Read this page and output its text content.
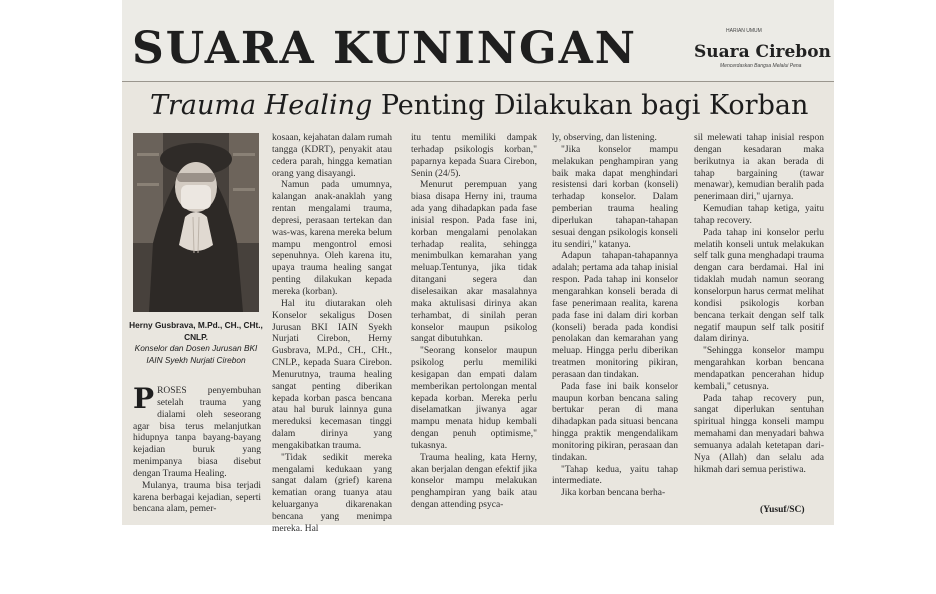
SUARA KUNINGAN	HARIAN UMUM
Suara Cirebon
Mencerdaskan Bangsa Melalui Pena
Trauma Healing Penting Dilakukan bagi Korban
Herny Gusbrava, M.Pd., CH., CHt., CNLP.
Konselor dan Dosen Jurusan BKI IAIN Syekh Nurjati Cirebon

PROSES penyembuhan setelah trauma yang dialami oleh seseorang agar bisa terus melanjutkan hidupnya tanpa bayang-bayang kejadian buruk yang menimpanya biasa disebut dengan Trauma Healing.

Mulanya, trauma bisa terjadi karena berbagai kejadian, seperti bencana alam, pemer-

kosaan, kejahatan dalam rumah tangga (KDRT), penyakit atau cedera parah, hingga kematian orang yang disayangi.

Namun pada umumnya, kalangan anak-anaklah yang rentan mengalami trauma, depresi, perasaan tertekan dan was-was, karena mereka belum mampu mengontrol emosi sepenuhnya. Oleh karena itu, upaya trauma healing sangat penting dilakukan kepada mereka (korban).

Hal itu diutarakan oleh Konselor sekaligus Dosen Jurusan BKI IAIN Syekh Nurjati Cirebon, Herny Gusbrava, M.Pd., CH., CHt., CNLP., kepada Suara Cirebon. Menurutnya, trauma healing sangat penting diberikan kepada korban pasca bencana atau hal buruk lainnya guna mereduksi kecemasan tinggi dalam dirinya yang mengakibatkan trauma.

"Tidak sedikit mereka mengalami kedukaan yang sangat dalam (grief) karena kematian orang tuanya atau keluarganya dikarenakan bencana yang menimpa mereka. Hal

itu tentu memiliki dampak terhadap psikologis korban," paparnya kepada Suara Cirebon, Senin (24/5).

Menurut perempuan yang biasa disapa Herny ini, trauma ada yang dihadapkan pada fase inisial respon. Pada fase ini, korban mengalami penolakan terhadap realita, sehingga menimbulkan kemarahan yang meluap.Tentunya, jika tidak ditangani segera dan diselesaikan akar masalahnya maka aktulisasi dirinya akan terhambat, di sinilah peran konselor maupun psikolog sangat dibutuhkan.

"Seorang konselor maupun psikolog perlu memiliki kesigapan dan empati dalam memberikan pertolongan mental kepada korban. Mereka perlu diselamatkan jiwanya agar mampu menata hidup kembali dengan penuh optimisme," tukasnya.

Trauma healing, kata Herny, akan berjalan dengan efektif jika konselor mampu melakukan penghampiran yang baik atau dengan attending psyca-

ly, observing, dan listening.

"Jika konselor mampu melakukan penghampiran yang baik maka dapat menghindari resistensi dari korban (konseli) terhadap konselor. Dalam pemberian trauma healing diperlukan tahapan-tahapan sesuai dengan psikologis konseli itu sendiri," katanya.

Adapun tahapan-tahapannya adalah; pertama ada tahap inisial respon. Pada tahap ini konselor mengarahkan konseli berada di fase penerimaan realita, karena pada fase ini dalam diri korban (konseli) berada pada kondisi penolakan dan kemarahan yang meluap. Hingga perlu diberikan treatmen monitoring pikiran, perasaan dan tindakan.

Pada fase ini baik konselor maupun korban bencana saling bertukar peran di mana dihadapkan pada situasi bencana hingga praktik mengendalikam monitoring pikiran, perasaan dan tindakan.

"Tahap kedua, yaitu tahap intermediate.

Jika korban bencana berha-

sil melewati tahap inisial respon dengan kesadaran maka berikutnya ia akan berada di tahap bargaining (tawar menawar), kemudian beralih pada penerimaan diri," ujarnya.

Kemudian tahap ketiga, yaitu tahap recovery.

Pada tahap ini konselor perlu melatih konseli untuk melakukan self talk guna menghadapi trauma dengan cara berdamai. Hal ini tidaklah mudah namun seorang konselorpun harus cermat melihat kondisi psikologis korban bencana terkait dengan self talk negatif maupun self talk positif dalam dirinya.

"Sehingga konselor mampu mengarahkan korban bencana mendapatkan pencerahan hidup kembali," cetusnya.

Pada tahap recovery pun, sangat diperlukan sentuhan spiritual hingga konseli mampu memahami dan menyadari bahwa semuanya adalah ketetapan dari-Nya (Allah) dan selalu ada hikmah dari semua peristiwa.

(Yusuf/SC)
